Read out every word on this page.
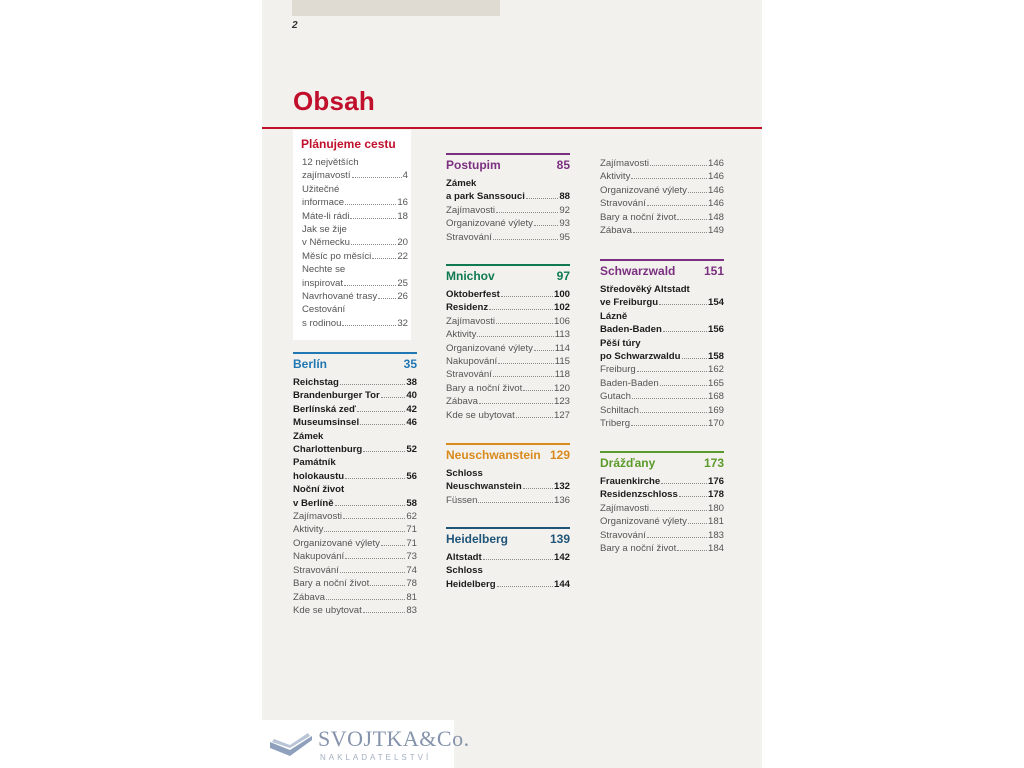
2
Obsah
Plánujeme cestu
12 největších
zajímavostí	4
Užitečné
informace	16
Máte-li rádi	18
Jak se žije
v Německu	20
Měsíc po měsíci	22
Nechte se
inspirovat	25
Navrhované trasy 26
Cestování
s rodinou	32
Berlín	35
Reichstag	38
Brandenburger Tor	40
Berlínská zeď	42
Museumsinsel	46
Zámek
Charlottenburg	52
Památník
holokaustu	56
Noční život
v Berlíně	58
Zajímavosti	62
Aktivity	71
Organizované výlety	71
Nakupování	73
Stravování	74
Bary a noční život	78
Zábava	81
Kde se ubytovat	83
Postupim	85
Zámek
a park Sanssouci	88
Zajímavosti	92
Organizované výlety	93
Stravování	95
Mnichov	97
Oktoberfest	100
Residenz	102
Zajímavosti	106
Aktivity	113
Organizované výlety 114
Nakupování	115
Stravování	118
Bary a noční život	120
Zábava	123
Kde se ubytovat	127
Neuschwanstein 129
Schloss
Neuschwanstein	132
Füssen	136
Heidelberg	139
Altstadt	142
Schloss
Heidelberg	144
Zajímavosti	146
Aktivity	146
Organizované výlety 146
Stravování	146
Bary a noční život	148
Zábava	149
Schwarzwald 151
Středověký Altstadt
ve Freiburgu	154
Lázně
Baden-Baden	156
Pěší túry
po Schwarzwaldu	158
Freiburg	162
Baden-Baden	165
Gutach	168
Schiltach	169
Triberg	170
Drážďany	173
Frauenkirche	176
Residenzschloss	178
Zajímavosti	180
Organizované výlety 181
Stravování	183
Bary a noční život	184
SVOJTKA&Co.
NAKLADATELSTVÍ
